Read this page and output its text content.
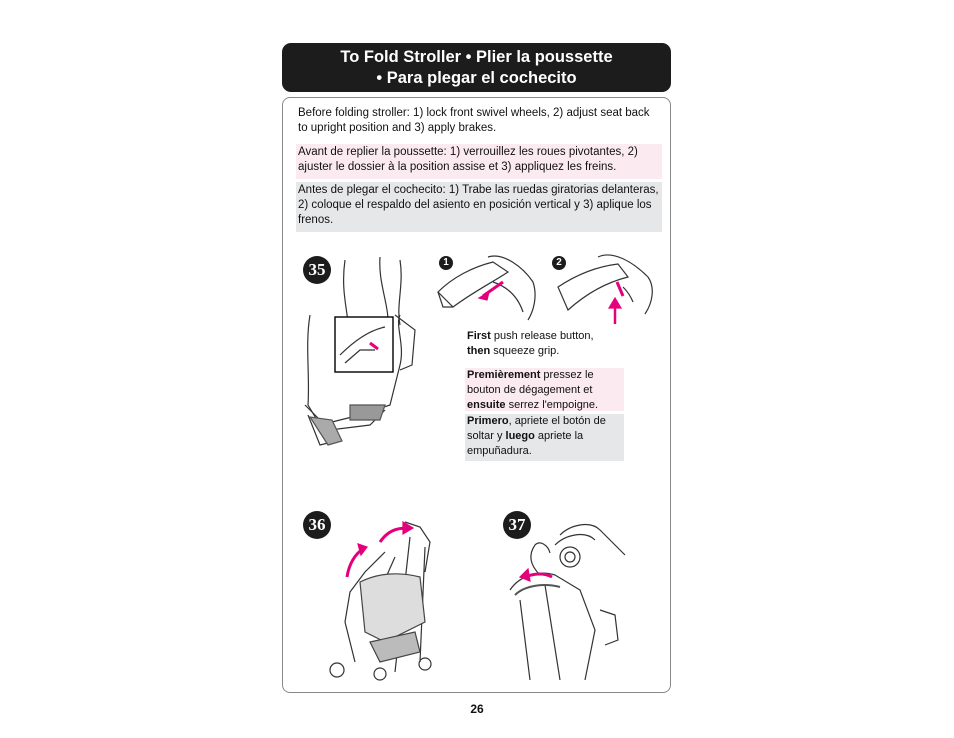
To Fold Stroller • Plier la poussette
• Para plegar el cochecito
Before folding stroller: 1) lock front swivel wheels, 2) adjust seat back to upright position and 3) apply brakes.
Avant de replier la poussette: 1) verrouillez les roues pivotantes, 2) ajuster le dossier à la position assise et 3) appliquez les freins.
Antes de plegar el cochecito: 1) Trabe las ruedas giratorias delanteras, 2) coloque el respaldo del asiento en posición vertical y 3) aplique los frenos.
35	1	2
First push release button, then squeeze grip.
Premièrement pressez le bouton de dégagement et ensuite serrez l'empoigne.
Primero, apriete el botón de soltar y luego apriete la empuñadura.
36	37
26
